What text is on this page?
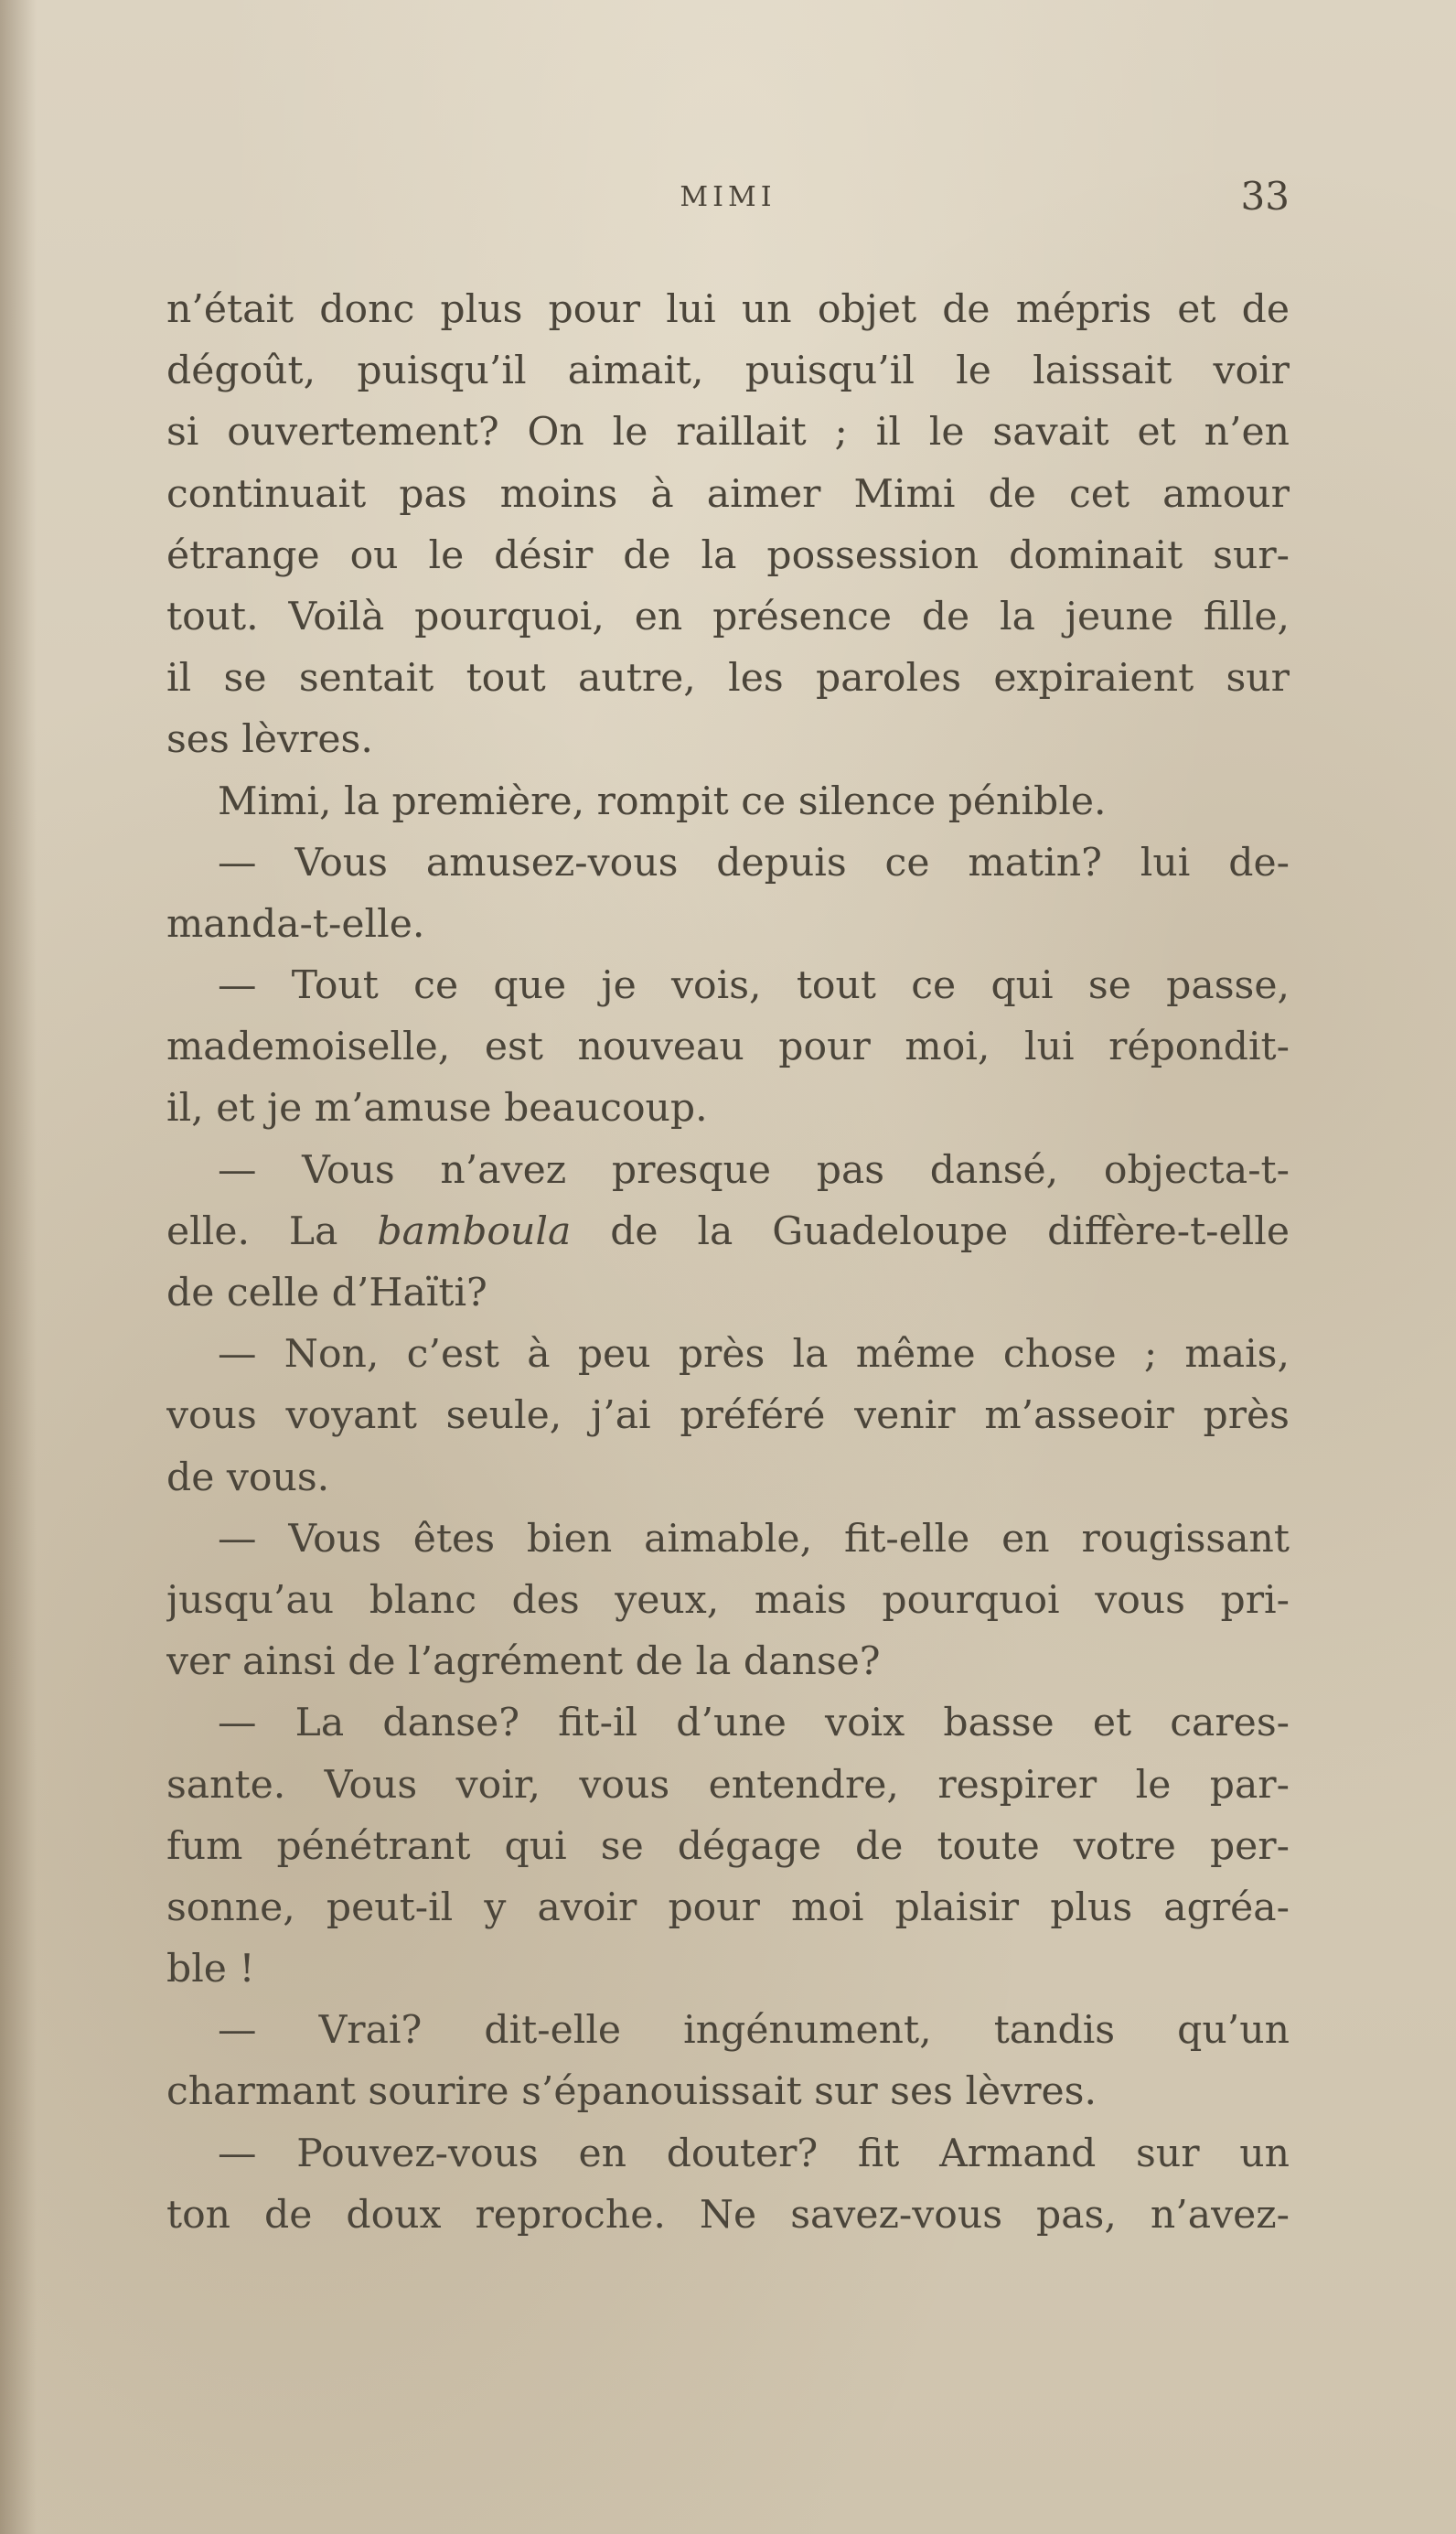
MIMI	33
n’était donc plus pour lui un objet de mépris et de
dégoût, puisqu’il aimait, puisqu’il le laissait voir
si ouvertement? On le raillait ; il le savait et n’en
continuait pas moins à aimer Mimi de cet amour
étrange ou le désir de la possession dominait sur-
tout. Voilà pourquoi, en présence de la jeune fille,
il se sentait tout autre, les paroles expiraient sur
ses lèvres.
Mimi, la première, rompit ce silence pénible.
— Vous amusez-vous depuis ce matin? lui de-
manda-t-elle.
— Tout ce que je vois, tout ce qui se passe,
mademoiselle, est nouveau pour moi, lui répondit-
il, et je m’amuse beaucoup.
— Vous n’avez presque pas dansé, objecta-t-
elle. La bamboula de la Guadeloupe diffère-t-elle
de celle d’Haïti?
— Non, c’est à peu près la même chose ; mais,
vous voyant seule, j’ai préféré venir m’asseoir près
de vous.
— Vous êtes bien aimable, fit-elle en rougissant
jusqu’au blanc des yeux, mais pourquoi vous pri-
ver ainsi de l’agrément de la danse?
— La danse? fit-il d’une voix basse et cares-
sante. Vous voir, vous entendre, respirer le par-
fum pénétrant qui se dégage de toute votre per-
sonne, peut-il y avoir pour moi plaisir plus agréa-
ble !
— Vrai? dit-elle ingénument, tandis qu’un
charmant sourire s’épanouissait sur ses lèvres.
— Pouvez-vous en douter? fit Armand sur un
ton de doux reproche. Ne savez-vous pas, n’avez-
